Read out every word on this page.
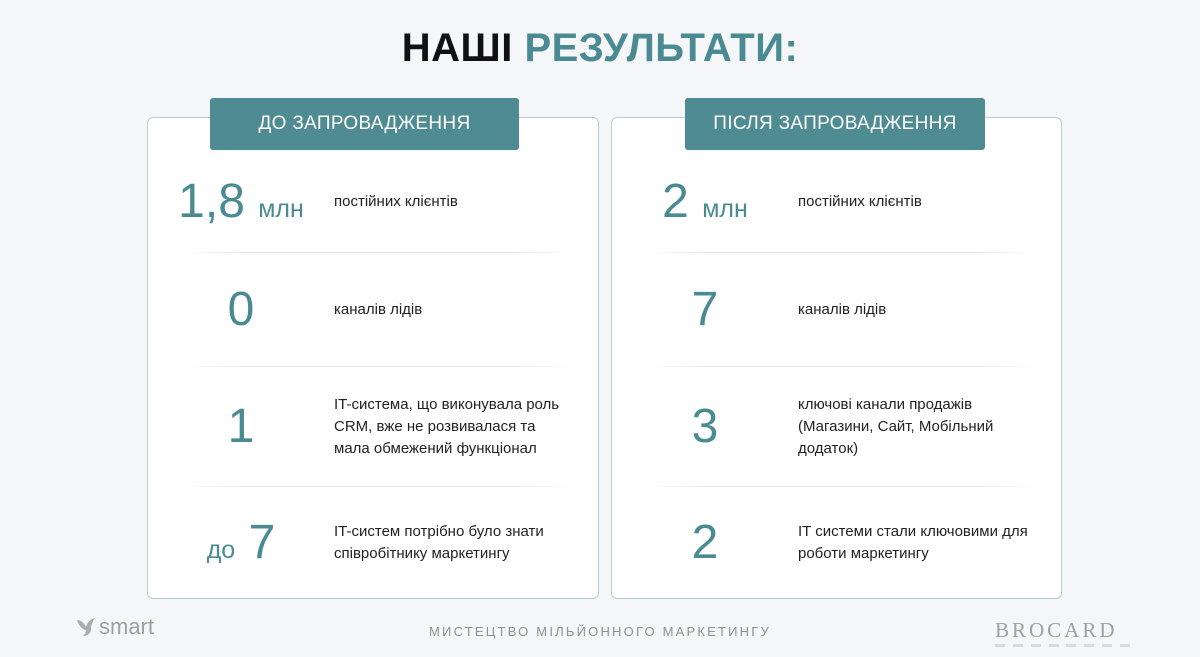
НАШІ РЕЗУЛЬТАТИ:
ДО ЗАПРОВАДЖЕННЯ
1,8 млн	постійних клієнтів
0	каналів лідів
1	IT-система, що виконувала роль CRM, вже не розвивалася та мала обмежений функціонал
до 7	IT-систем потрібно було знати співробітнику маркетингу
ПІСЛЯ ЗАПРОВАДЖЕННЯ
2 млн	постійних клієнтів
7	каналів лідів
3	ключові канали продажів (Магазини, Сайт, Мобільний додаток)
2	IT системи стали ключовими для роботи маркетингу
smart	МИСТЕЦТВО МІЛЬЙОННОГО МАРКЕТИНГУ	BROCARD
